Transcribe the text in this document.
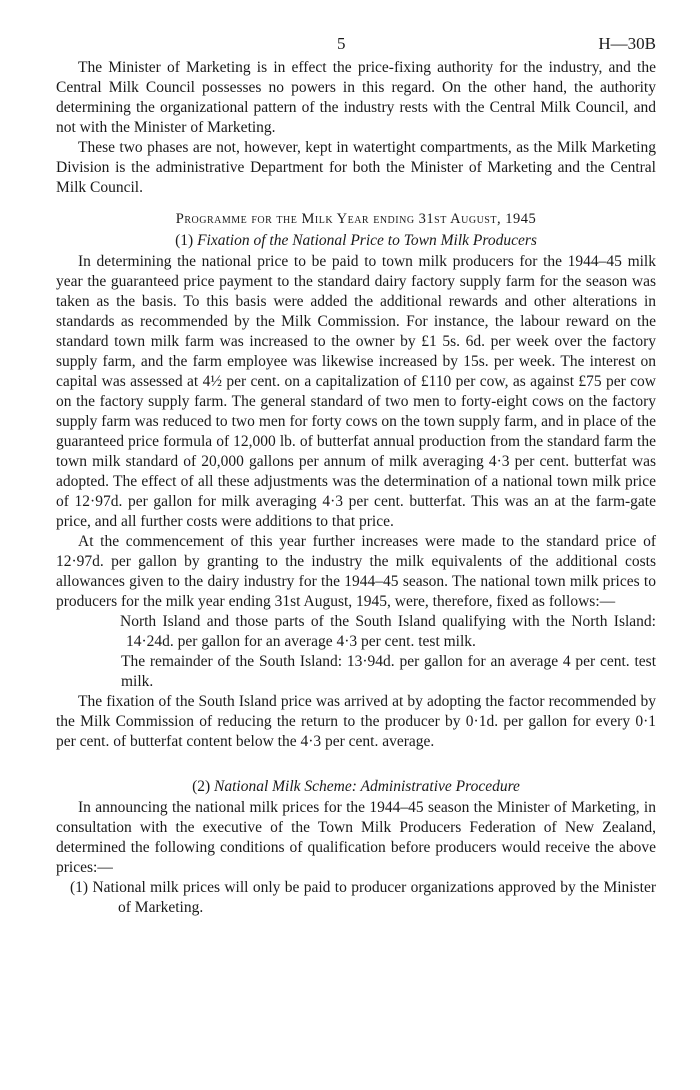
5	H—30B

The Minister of Marketing is in effect the price-fixing authority for the industry, and the Central Milk Council possesses no powers in this regard. On the other hand, the authority determining the organizational pattern of the industry rests with the Central Milk Council, and not with the Minister of Marketing.

These two phases are not, however, kept in watertight compartments, as the Milk Marketing Division is the administrative Department for both the Minister of Marketing and the Central Milk Council.

Programme for the Milk Year ending 31st August, 1945
(1) Fixation of the National Price to Town Milk Producers

In determining the national price to be paid to town milk producers for the 1944–45 milk year the guaranteed price payment to the standard dairy factory supply farm for the season was taken as the basis. To this basis were added the additional rewards and other alterations in standards as recommended by the Milk Commission. For instance, the labour reward on the standard town milk farm was increased to the owner by £1 5s. 6d. per week over the factory supply farm, and the farm employee was likewise increased by 15s. per week. The interest on capital was assessed at 4½ per cent. on a capitalization of £110 per cow, as against £75 per cow on the factory supply farm. The general standard of two men to forty-eight cows on the factory supply farm was reduced to two men for forty cows on the town supply farm, and in place of the guaranteed price formula of 12,000 lb. of butterfat annual production from the standard farm the town milk standard of 20,000 gallons per annum of milk averaging 4·3 per cent. butterfat was adopted. The effect of all these adjustments was the determination of a national town milk price of 12·97d. per gallon for milk averaging 4·3 per cent. butterfat. This was an at the farm-gate price, and all further costs were additions to that price.

At the commencement of this year further increases were made to the standard price of 12·97d. per gallon by granting to the industry the milk equivalents of the additional costs allowances given to the dairy industry for the 1944–45 season. The national town milk prices to producers for the milk year ending 31st August, 1945, were, therefore, fixed as follows:—

North Island and those parts of the South Island qualifying with the North Island: 14·24d. per gallon for an average 4·3 per cent. test milk.

The remainder of the South Island: 13·94d. per gallon for an average 4 per cent. test milk.

The fixation of the South Island price was arrived at by adopting the factor recommended by the Milk Commission of reducing the return to the producer by 0·1d. per gallon for every 0·1 per cent. of butterfat content below the 4·3 per cent. average.

(2) National Milk Scheme: Administrative Procedure

In announcing the national milk prices for the 1944–45 season the Minister of Marketing, in consultation with the executive of the Town Milk Producers Federation of New Zealand, determined the following conditions of qualification before producers would receive the above prices:—

(1) National milk prices will only be paid to producer organizations approved by the Minister of Marketing.
